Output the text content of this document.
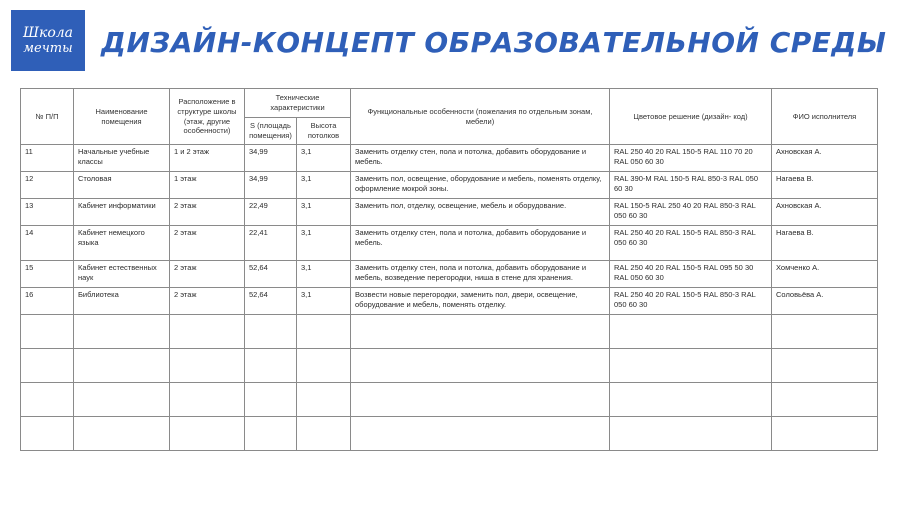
Школа
мечты ДИЗАЙН-КОНЦЕПТ ОБРАЗОВАТЕЛЬНОЙ СРЕДЫ
№ П/П	Наименование помещения	Расположение в структуре школы (этаж, другие особенности)	Технические характеристики		Функциональные особенности (пожелания по отдельным зонам, мебели)	Цветовое решение (дизайн- код)	ФИО исполнителя
			S (площадь помещения)	Высота потолков			
11	Начальные учебные классы	1 и 2 этаж	34,99	3,1	Заменить отделку стен, пола и потолка, добавить оборудование и мебель.	RAL 250 40 20 RAL 150-5 RAL 110 70 20 RAL 050 60 30	Ахновская А.
12	Столовая	1 этаж	34,99	3,1	Заменить пол, освещение, оборудование и мебель, поменять отделку, оформление мокрой зоны.	RAL 390-M RAL 150-5 RAL 850-3 RAL 050 60 30	Нагаева В.
13	Кабинет информатики	2 этаж	22,49	3,1	Заменить пол, отделку, освещение, мебель и оборудование.	RAL 150-5 RAL 250 40 20 RAL 850-3 RAL 050 60 30	Ахновская А.
14	Кабинет немецкого языка	2 этаж	22,41	3,1	Заменить отделку стен, пола и потолка, добавить оборудование и мебель.	RAL 250 40 20 RAL 150-5 RAL 850-3 RAL 050 60 30	Нагаева В.
15	Кабинет естественных наук	2 этаж	52,64	3,1	Заменить отделку стен, пола и потолка, добавить оборудование и мебель, возведение перегородки, ниша в стене для хранения.	RAL 250 40 20 RAL 150-5 RAL 095 50 30 RAL 050 60 30	Хомченко А.
16	Библиотека	2 этаж	52,64	3,1	Возвести новые перегородки, заменить пол, двери, освещение, оборудование и мебель, поменять отделку.	RAL 250 40 20 RAL 150-5 RAL 850-3 RAL 050 60 30	Соловьёва А.
